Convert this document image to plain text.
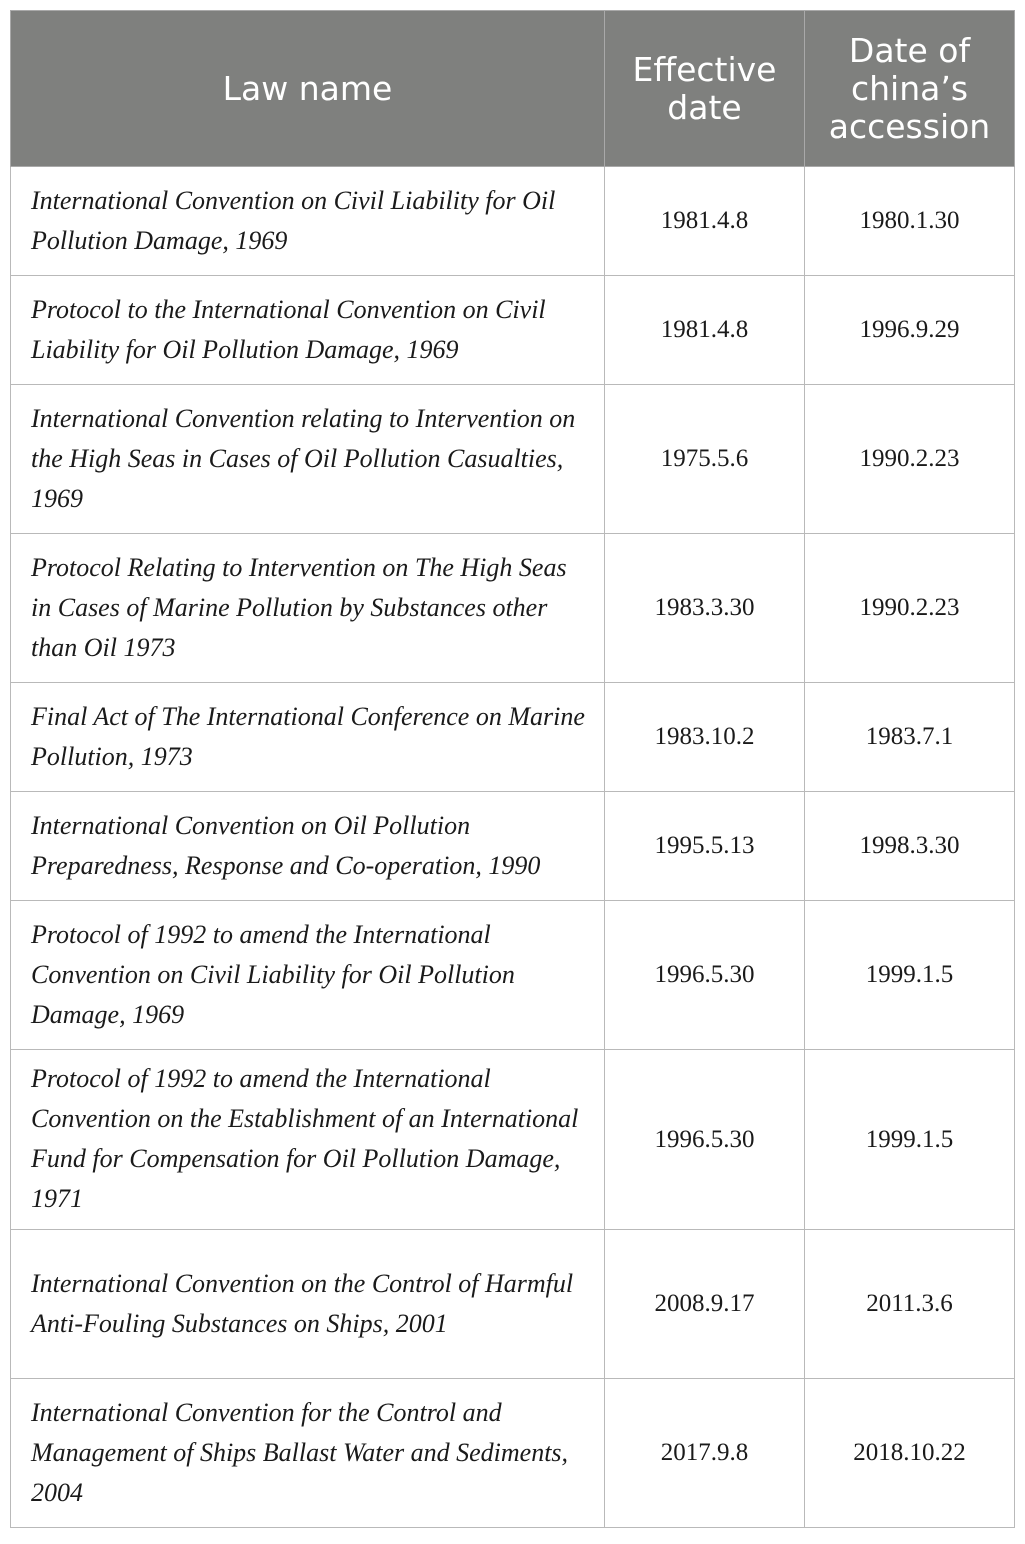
Law name	Effective date	Date of china’s accession
International Convention on Civil Liability for Oil Pollution Damage, 1969	1981.4.8	1980.1.30
Protocol to the International Convention on Civil Liability for Oil Pollution Damage, 1969	1981.4.8	1996.9.29
International Convention relating to Intervention on the High Seas in Cases of Oil Pollution Casualties, 1969	1975.5.6	1990.2.23
Protocol Relating to Intervention on The High Seas in Cases of Marine Pollution by Substances other than Oil 1973	1983.3.30	1990.2.23
Final Act of The International Conference on Marine Pollution, 1973	1983.10.2	1983.7.1
International Convention on Oil Pollution Preparedness, Response and Co-operation, 1990	1995.5.13	1998.3.30
Protocol of 1992 to amend the International Convention on Civil Liability for Oil Pollution Damage, 1969	1996.5.30	1999.1.5
Protocol of 1992 to amend the International Convention on the Establishment of an International Fund for Compensation for Oil Pollution Damage, 1971	1996.5.30	1999.1.5
International Convention on the Control of Harmful Anti-Fouling Substances on Ships, 2001	2008.9.17	2011.3.6
International Convention for the Control and Management of Ships Ballast Water and Sediments, 2004	2017.9.8	2018.10.22
